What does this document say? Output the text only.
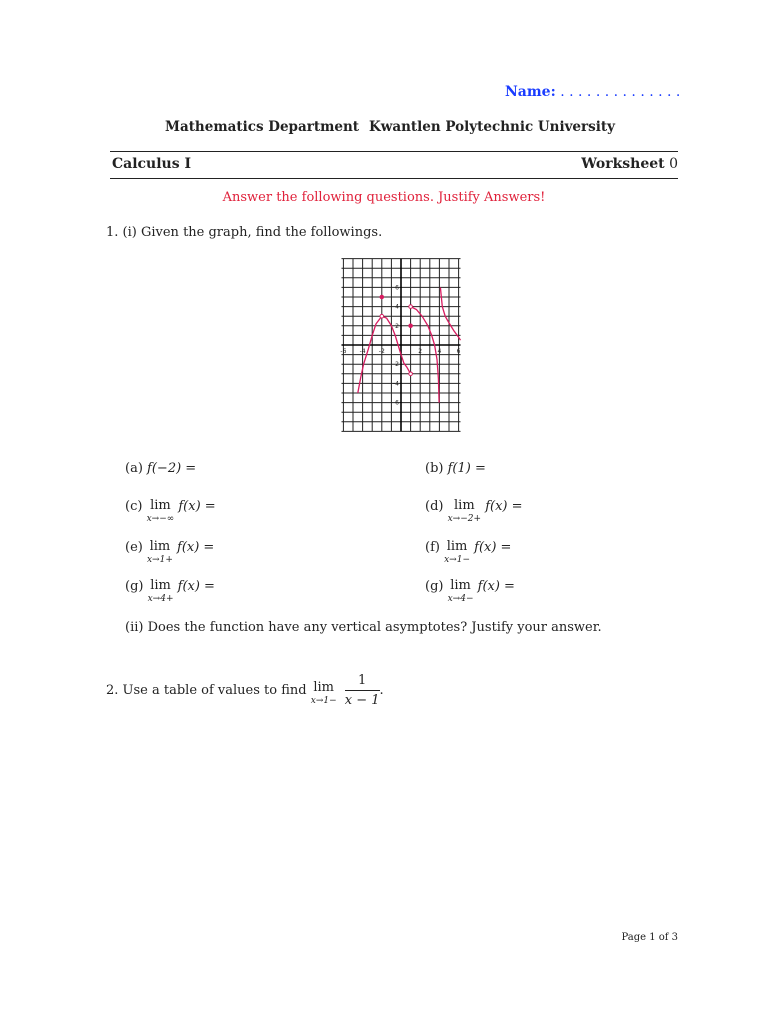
Name: . . . . . . . . . . . . . .
Mathematics Department Kwantlen Polytechnic University
Calculus I	Worksheet 0
Answer the following questions. Justify Answers!
1. (i) Given the graph, find the followings.
-6 -4 -2	2	4	6
6
4
2
-2
-4
-6
(a) f(−2) =	(b) f(1) =
(c) lim
x→−∞
f(x) =	(d) lim
x→−2+
f(x) =
(e) lim
x→1+
f(x) =	(f) lim
x→1−
f(x) =
(g) lim
x→4+
f(x) =	(g) lim
x→4−
f(x) =
(ii) Does the function have any vertical asymptotes? Justify your answer.
2. Use a table of values to find lim
x→1−
$\frac{1}{x - 1}$ .
Page 1 of 3
